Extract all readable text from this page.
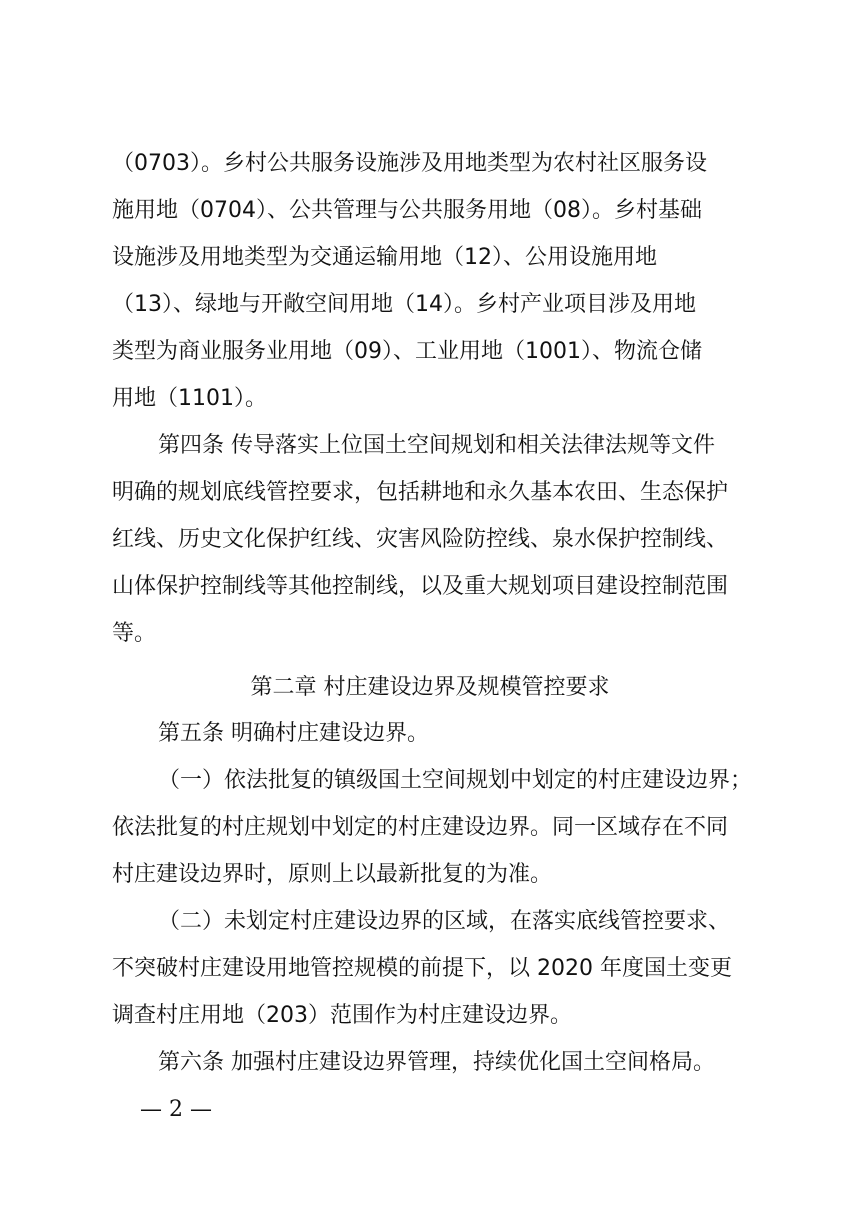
（0703）。乡村公共服务设施涉及用地类型为农村社区服务设
施用地（0704）、公共管理与公共服务用地（08）。乡村基础
设施涉及用地类型为交通运输用地（12）、公用设施用地
（13）、绿地与开敞空间用地（14）。乡村产业项目涉及用地
类型为商业服务业用地（09）、工业用地（1001）、物流仓储
用地（1101）。
第四条 传导落实上位国土空间规划和相关法律法规等文件
明确的规划底线管控要求，包括耕地和永久基本农田、生态保护
红线、历史文化保护红线、灾害风险防控线、泉水保护控制线、
山体保护控制线等其他控制线，以及重大规划项目建设控制范围
等。
第二章 村庄建设边界及规模管控要求
第五条 明确村庄建设边界。
（一）依法批复的镇级国土空间规划中划定的村庄建设边界；
依法批复的村庄规划中划定的村庄建设边界。同一区域存在不同
村庄建设边界时，原则上以最新批复的为准。
（二）未划定村庄建设边界的区域，在落实底线管控要求、
不突破村庄建设用地管控规模的前提下，以 2020 年度国土变更
调查村庄用地（203）范围作为村庄建设边界。
第六条 加强村庄建设边界管理，持续优化国土空间格局。
— 2 —
